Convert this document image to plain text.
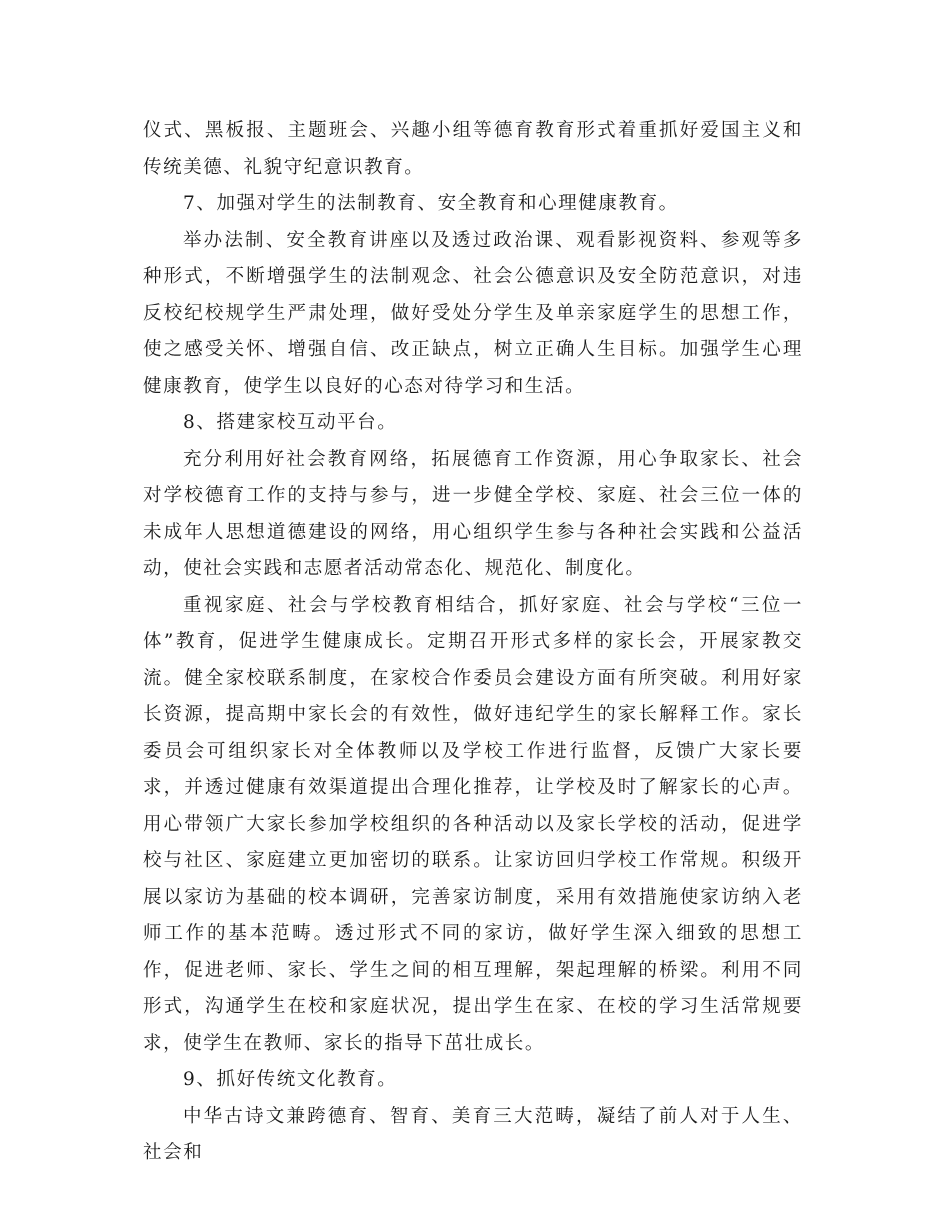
仪式、黑板报、主题班会、兴趣小组等德育教育形式着重抓好爱国主义和传统美德、礼貌守纪意识教育。

7、加强对学生的法制教育、安全教育和心理健康教育。

举办法制、安全教育讲座以及透过政治课、观看影视资料、参观等多种形式，不断增强学生的法制观念、社会公德意识及安全防范意识，对违反校纪校规学生严肃处理，做好受处分学生及单亲家庭学生的思想工作，使之感受关怀、增强自信、改正缺点，树立正确人生目标。加强学生心理健康教育，使学生以良好的心态对待学习和生活。

8、搭建家校互动平台。

充分利用好社会教育网络，拓展德育工作资源，用心争取家长、社会对学校德育工作的支持与参与，进一步健全学校、家庭、社会三位一体的未成年人思想道德建设的网络，用心组织学生参与各种社会实践和公益活动，使社会实践和志愿者活动常态化、规范化、制度化。

重视家庭、社会与学校教育相结合，抓好家庭、社会与学校“三位一体”教育，促进学生健康成长。定期召开形式多样的家长会，开展家教交流。健全家校联系制度，在家校合作委员会建设方面有所突破。利用好家长资源，提高期中家长会的有效性，做好违纪学生的家长解释工作。家长委员会可组织家长对全体教师以及学校工作进行监督，反馈广大家长要求，并透过健康有效渠道提出合理化推荐，让学校及时了解家长的心声。用心带领广大家长参加学校组织的各种活动以及家长学校的活动，促进学校与社区、家庭建立更加密切的联系。让家访回归学校工作常规。积级开展以家访为基础的校本调研，完善家访制度，采用有效措施使家访纳入老师工作的基本范畴。透过形式不同的家访，做好学生深入细致的思想工作，促进老师、家长、学生之间的相互理解，架起理解的桥梁。利用不同形式，沟通学生在校和家庭状况，提出学生在家、在校的学习生活常规要求，使学生在教师、家长的指导下茁壮成长。

9、抓好传统文化教育。

中华古诗文兼跨德育、智育、美育三大范畴，凝结了前人对于人生、社会和
